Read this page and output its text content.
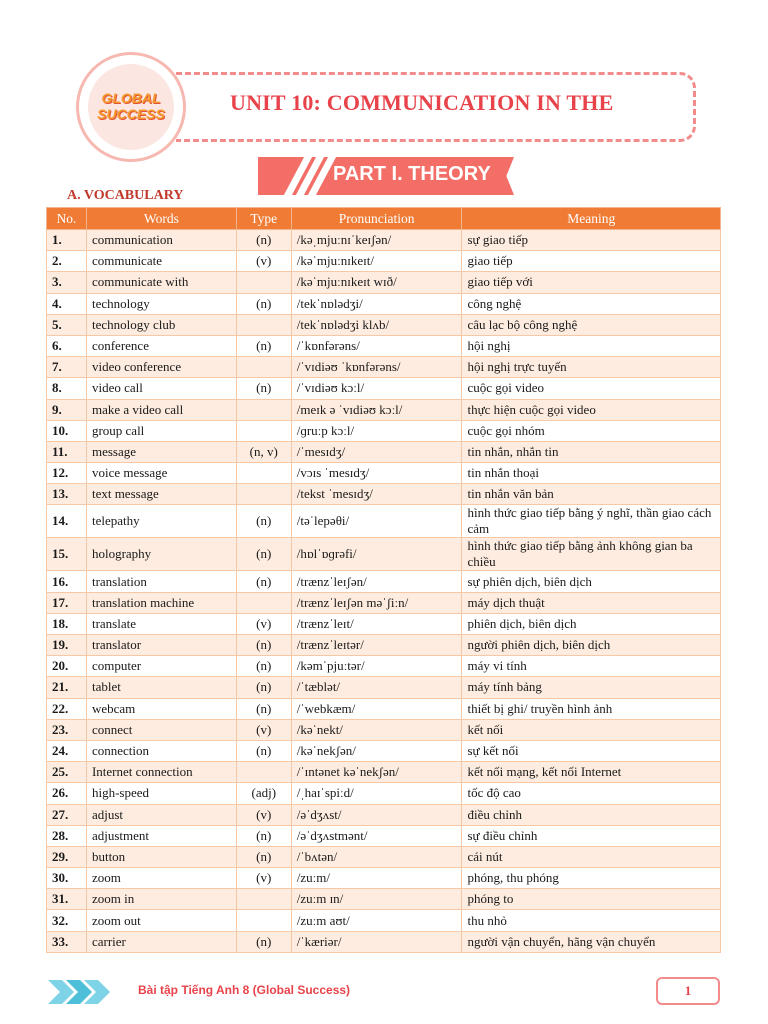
GLOBAL
SUCCESS	UNIT 10: COMMUNICATION IN THE
PART I. THEORY
A. VOCABULARY
No.	Words	Type	Pronunciation	Meaning
1.	communication	(n)	/kəˌmjuːnɪˈkeɪʃən/	sự giao tiếp
2.	communicate	(v)	/kəˈmjuːnɪkeɪt/	giao tiếp
3.	communicate with		/kəˈmjuːnɪkeɪt wɪð/	giao tiếp với
4.	technology	(n)	/tekˈnɒlədʒi/	công nghệ
5.	technology club		/tekˈnɒlədʒi klʌb/	câu lạc bộ công nghệ
6.	conference	(n)	/ˈkɒnfərəns/	hội nghị
7.	video conference		/ˈvɪdiəʊ ˈkɒnfərəns/	hội nghị trực tuyến
8.	video call	(n)	/ˈvɪdiəʊ kɔːl/	cuộc gọi video
9.	make a video call		/meɪk ə ˈvɪdiəʊ kɔːl/	thực hiện cuộc gọi video
10.	group call		/ɡruːp kɔːl/	cuộc gọi nhóm
11.	message	(n, v)	/ˈmesɪdʒ/	tin nhắn, nhắn tin
12.	voice message		/vɔɪs ˈmesɪdʒ/	tin nhắn thoại
13.	text message		/tekst ˈmesɪdʒ/	tin nhắn văn bản
14.	telepathy	(n)	/təˈlepəθi/	hình thức giao tiếp bằng ý nghĩ, thần giao cách cảm
15.	holography	(n)	/hɒlˈɒɡrəfi/	hình thức giao tiếp bằng ảnh không gian ba chiều
16.	translation	(n)	/trænzˈleɪʃən/	sự phiên dịch, biên dịch
17.	translation machine		/trænzˈleɪʃən məˈʃiːn/	máy dịch thuật
18.	translate	(v)	/trænzˈleɪt/	phiên dịch, biên dịch
19.	translator	(n)	/trænzˈleɪtər/	người phiên dịch, biên dịch
20.	computer	(n)	/kəmˈpjuːtər/	máy vi tính
21.	tablet	(n)	/ˈtæblət/	máy tính bảng
22.	webcam	(n)	/ˈwebkæm/	thiết bị ghi/ truyền hình ảnh
23.	connect	(v)	/kəˈnekt/	kết nối
24.	connection	(n)	/kəˈnekʃən/	sự kết nối
25.	Internet connection		/ˈɪntənet kəˈnekʃən/	kết nối mạng, kết nối Internet
26.	high-speed	(adj)	/ˌhaɪˈspiːd/	tốc độ cao
27.	adjust	(v)	/əˈdʒʌst/	điều chỉnh
28.	adjustment	(n)	/əˈdʒʌstmənt/	sự điều chỉnh
29.	button	(n)	/ˈbʌtən/	cái nút
30.	zoom	(v)	/zuːm/	phóng, thu phóng
31.	zoom in		/zuːm ɪn/	phóng to
32.	zoom out		/zuːm aʊt/	thu nhỏ
33.	carrier	(n)	/ˈkæriər/	người vận chuyển, hãng vận chuyển
Bài tập Tiếng Anh 8 (Global Success)	1
